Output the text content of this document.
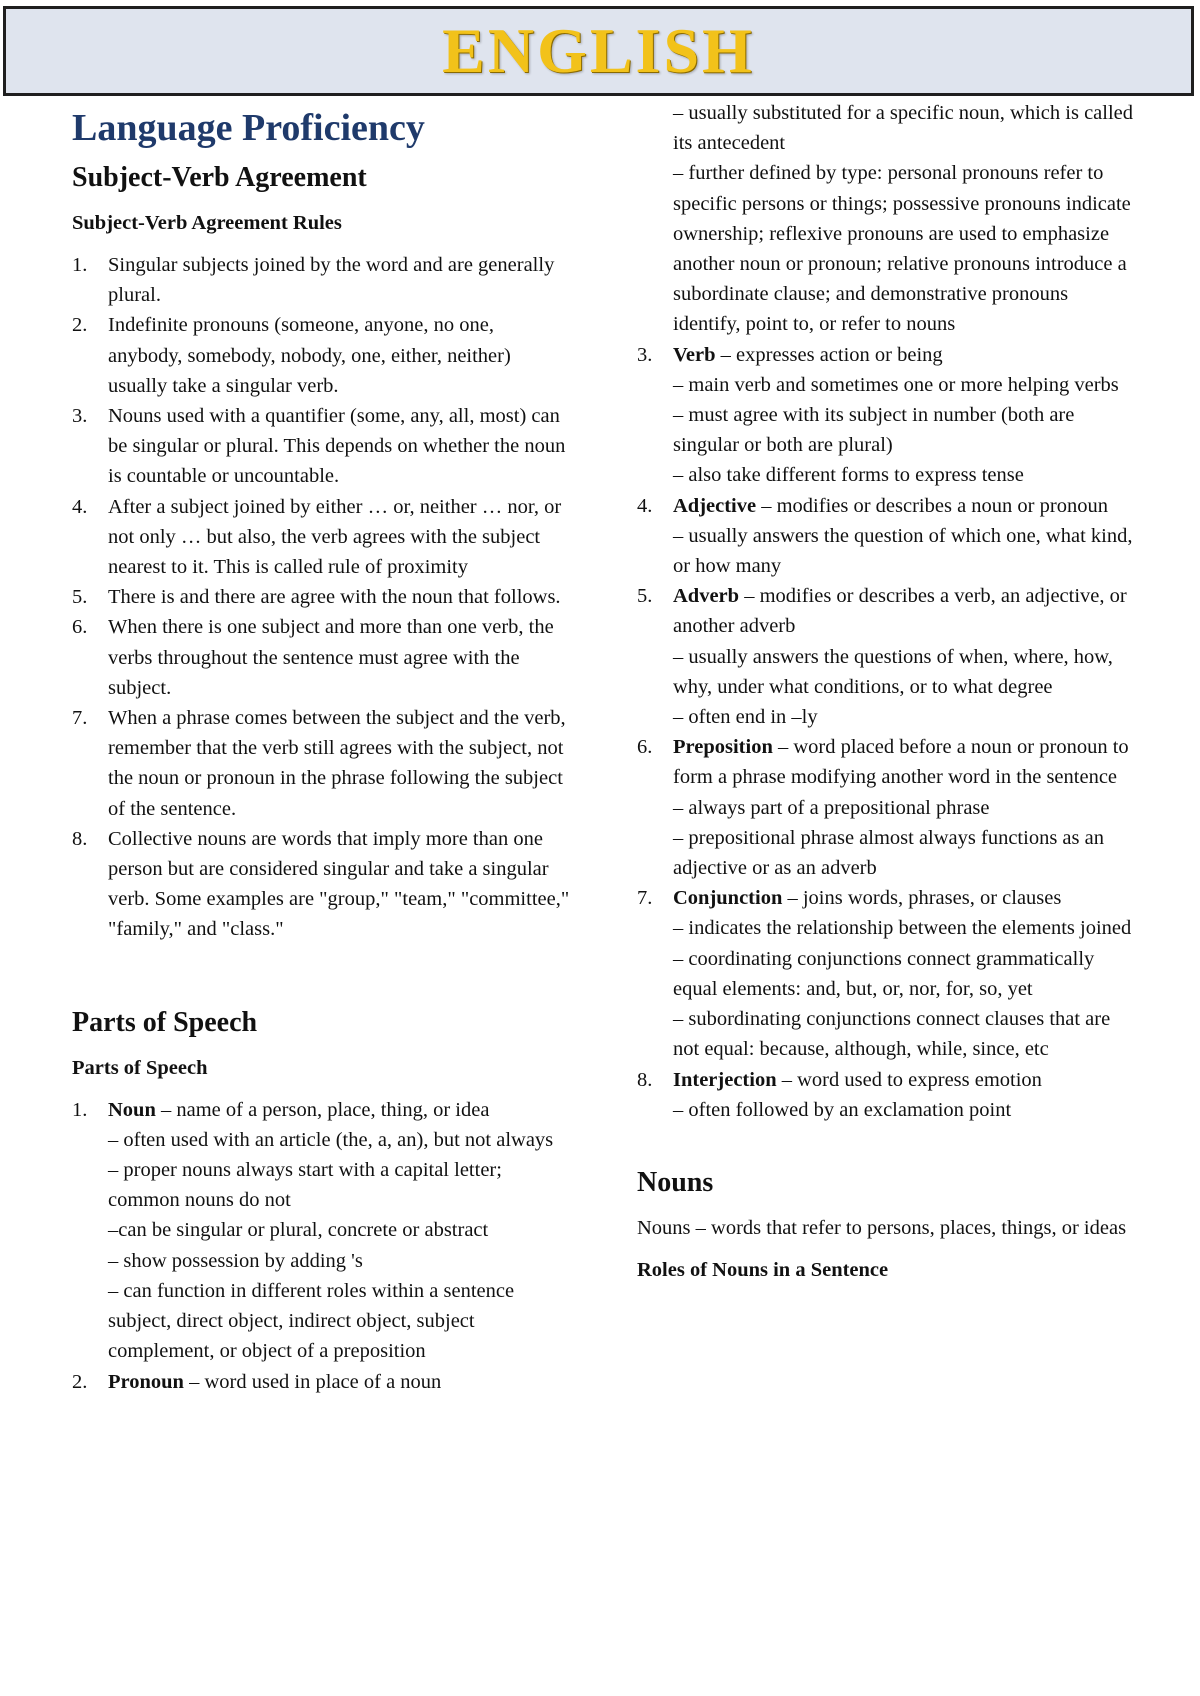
ENGLISH
Language Proficiency
Subject-Verb Agreement
Subject-Verb Agreement Rules
1. Singular subjects joined by the word and are generally plural.
2. Indefinite pronouns (someone, anyone, no one, anybody, somebody, nobody, one, either, neither) usually take a singular verb.
3. Nouns used with a quantifier (some, any, all, most) can be singular or plural. This depends on whether the noun is countable or uncountable.
4. After a subject joined by either … or, neither … nor, or not only … but also, the verb agrees with the subject nearest to it. This is called rule of proximity
5. There is and there are agree with the noun that follows.
6. When there is one subject and more than one verb, the verbs throughout the sentence must agree with the subject.
7. When a phrase comes between the subject and the verb, remember that the verb still agrees with the subject, not the noun or pronoun in the phrase following the subject of the sentence.
8. Collective nouns are words that imply more than one person but are considered singular and take a singular verb. Some examples are "group," "team," "committee," "family," and "class."
Parts of Speech
Parts of Speech
1. Noun – name of a person, place, thing, or idea
– often used with an article (the, a, an), but not always
– proper nouns always start with a capital letter; common nouns do not
–can be singular or plural, concrete or abstract
– show possession by adding 's
– can function in different roles within a sentence subject, direct object, indirect object, subject complement, or object of a preposition
2. Pronoun – word used in place of a noun
– usually substituted for a specific noun, which is called its antecedent
– further defined by type: personal pronouns refer to specific persons or things; possessive pronouns indicate ownership; reflexive pronouns are used to emphasize another noun or pronoun; relative pronouns introduce a subordinate clause; and demonstrative pronouns identify, point to, or refer to nouns
3. Verb – expresses action or being
– main verb and sometimes one or more helping verbs
– must agree with its subject in number (both are singular or both are plural)
– also take different forms to express tense
4. Adjective – modifies or describes a noun or pronoun
– usually answers the question of which one, what kind, or how many
5. Adverb – modifies or describes a verb, an adjective, or another adverb
– usually answers the questions of when, where, how, why, under what conditions, or to what degree
– often end in –ly
6. Preposition – word placed before a noun or pronoun to form a phrase modifying another word in the sentence
– always part of a prepositional phrase
– prepositional phrase almost always functions as an adjective or as an adverb
7. Conjunction – joins words, phrases, or clauses
– indicates the relationship between the elements joined
– coordinating conjunctions connect grammatically equal elements: and, but, or, nor, for, so, yet
– subordinating conjunctions connect clauses that are not equal: because, although, while, since, etc
8. Interjection – word used to express emotion
– often followed by an exclamation point
Nouns

Nouns – words that refer to persons, places, things, or ideas

Roles of Nouns in a Sentence
